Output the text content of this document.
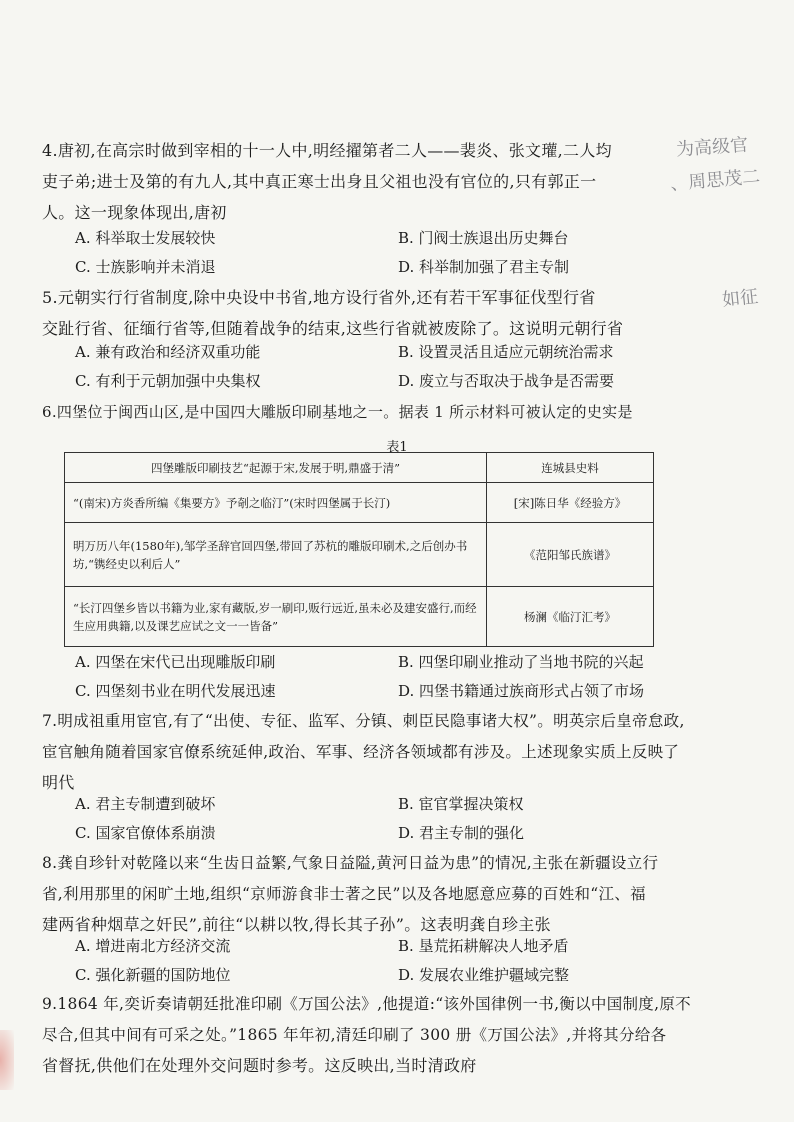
4.唐初,在高宗时做到宰相的十一人中,明经擢第者二人——裴炎、张文瓘,二人均
吏子弟;进士及第的有九人,其中真正寒士出身且父祖也没有官位的,只有郭正一
人。这一现象体现出,唐初
为高级官
、周思茂二
A. 科举取士发展较快	B. 门阀士族退出历史舞台
C. 士族影响并未消退	D. 科举制加强了君主专制
5.元朝实行行省制度,除中央设中书省,地方设行省外,还有若干军事征伐型行省
交趾行省、征缅行省等,但随着战争的结束,这些行省就被废除了。这说明元朝行省
如征
A. 兼有政治和经济双重功能	B. 设置灵活且适应元朝统治需求
C. 有利于元朝加强中央集权	D. 废立与否取决于战争是否需要
6.四堡位于闽西山区,是中国四大雕版印刷基地之一。据表 1 所示材料可被认定的史实是
表1
四堡雕版印刷技艺“起源于宋,发展于明,鼎盛于清”	连城县史料
“(南宋)方炎香所编《集要方》予剞之临汀”(宋时四堡属于长汀)	[宋]陈日华《经验方》
明万历八年(1580年),邹学圣辞官回四堡,带回了苏杭的雕版印刷术,之后创办书坊,“镌经史以利后人”	《范阳邹氏族谱》
“长汀四堡乡皆以书籍为业,家有藏版,岁一刷印,贩行远近,虽未必及建安盛行,而经生应用典籍,以及课艺应试之文一一皆备”	杨澜《临汀汇考》
A. 四堡在宋代已出现雕版印刷	B. 四堡印刷业推动了当地书院的兴起
C. 四堡刻书业在明代发展迅速	D. 四堡书籍通过族商形式占领了市场
7.明成祖重用宦官,有了“出使、专征、监军、分镇、刺臣民隐事诸大权”。明英宗后皇帝怠政,
宦官触角随着国家官僚系统延伸,政治、军事、经济各领域都有涉及。上述现象实质上反映了
明代
A. 君主专制遭到破坏	B. 宦官掌握决策权
C. 国家官僚体系崩溃	D. 君主专制的强化
8.龚自珍针对乾隆以来“生齿日益繁,气象日益隘,黄河日益为患”的情况,主张在新疆设立行
省,利用那里的闲旷土地,组织“京师游食非士著之民”以及各地愿意应募的百姓和“江、福
建两省种烟草之奸民”,前往“以耕以牧,得长其子孙”。这表明龚自珍主张
A. 增进南北方经济交流	B. 垦荒拓耕解决人地矛盾
C. 强化新疆的国防地位	D. 发展农业维护疆域完整
9.1864 年,奕䜣奏请朝廷批准印刷《万国公法》,他提道:“该外国律例一书,衡以中国制度,原不
尽合,但其中间有可采之处。”1865 年年初,清廷印刷了 300 册《万国公法》,并将其分给各
省督抚,供他们在处理外交问题时参考。这反映出,当时清政府
